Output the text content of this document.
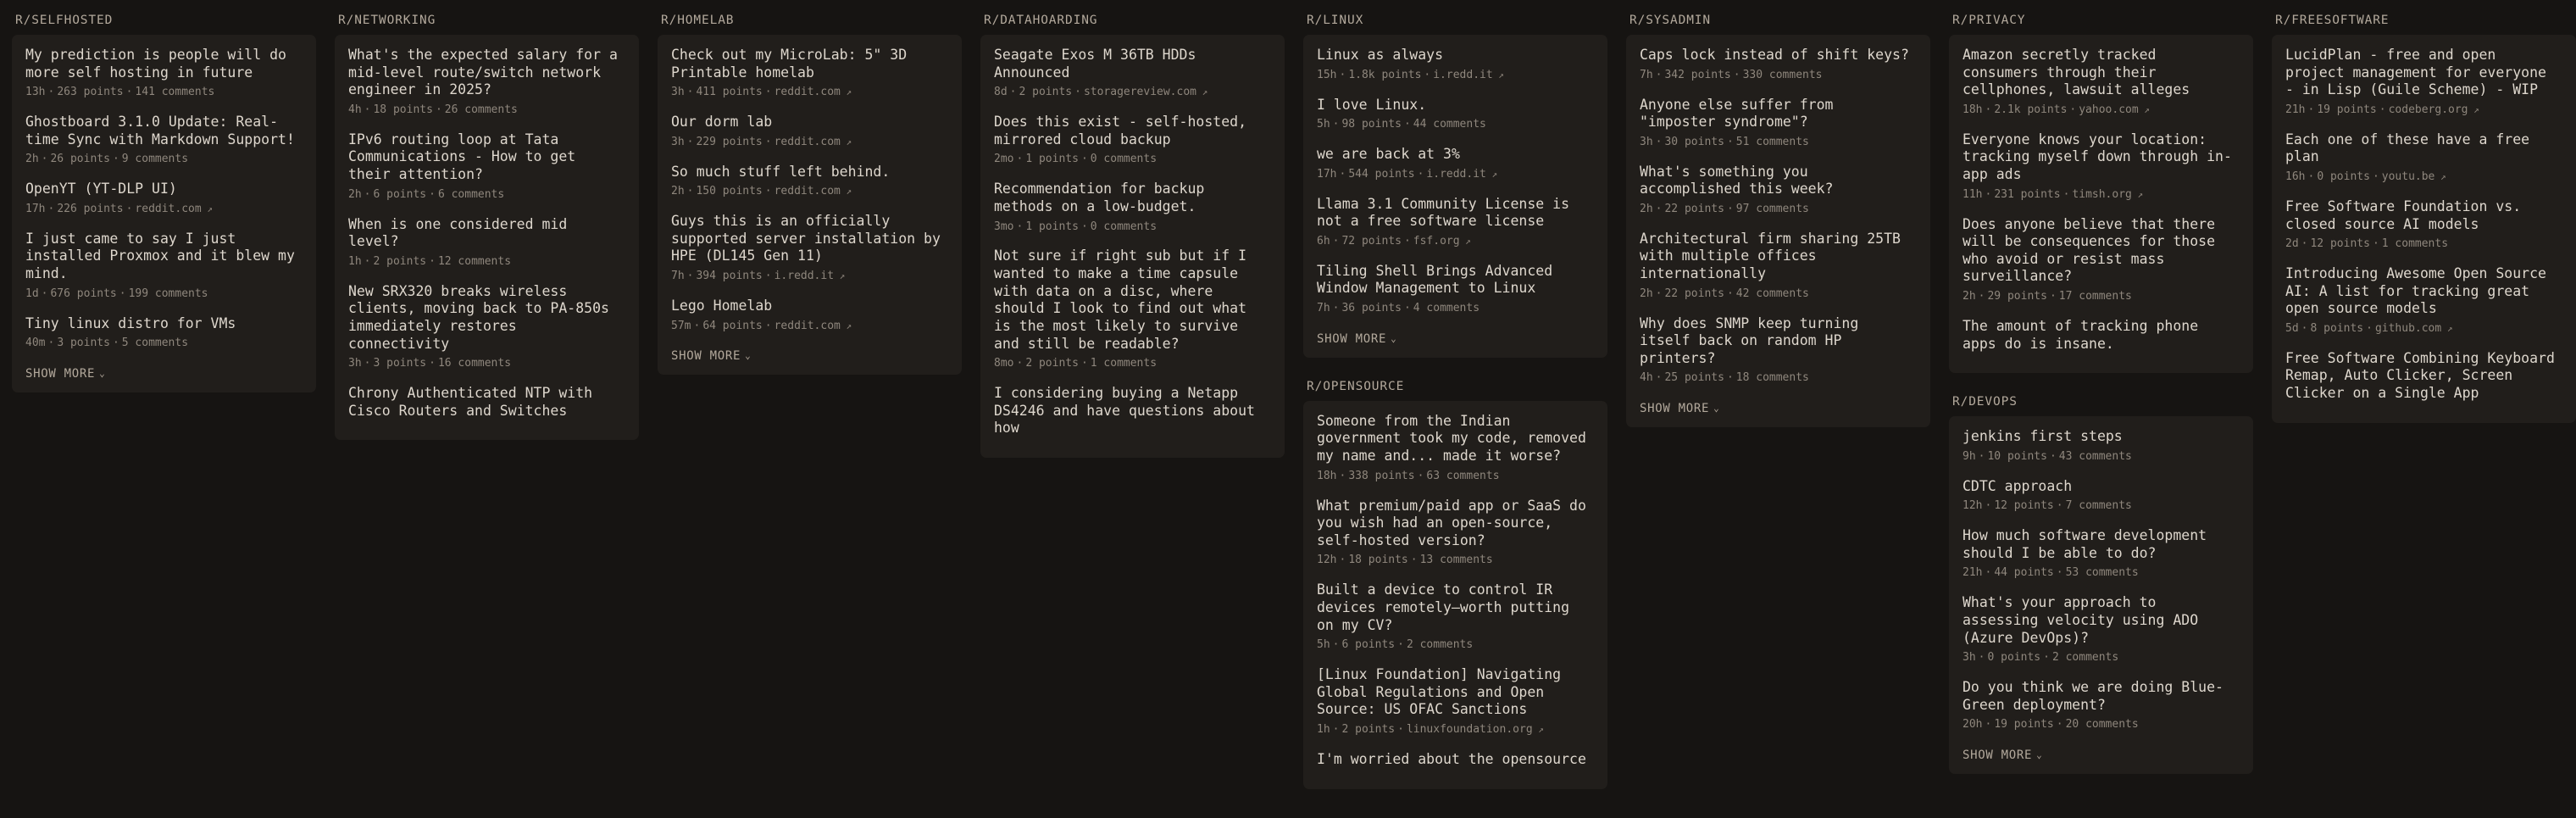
R/SELFHOSTED
My prediction is people will do more self hosting in future
13h · 263 points · 141 comments
Ghostboard 3.1.0 Update: Real-time Sync with Markdown Support!
2h · 26 points · 9 comments
OpenYT (YT-DLP UI)
17h · 226 points · reddit.com ↗
I just came to say I just installed Proxmox and it blew my mind.
1d · 676 points · 199 comments
Tiny linux distro for VMs
40m · 3 points · 5 comments
SHOW MORE ⌄
R/NETWORKING
What's the expected salary for a mid-level route/switch network engineer in 2025?
4h · 18 points · 26 comments
IPv6 routing loop at Tata Communications - How to get their attention?
2h · 6 points · 6 comments
When is one considered mid level?
1h · 2 points · 12 comments
New SRX320 breaks wireless clients, moving back to PA-850s immediately restores connectivity
3h · 3 points · 16 comments
Chrony Authenticated NTP with Cisco Routers and Switches
R/HOMELAB
Check out my MicroLab: 5" 3D Printable homelab
3h · 411 points · reddit.com ↗
Our dorm lab
3h · 229 points · reddit.com ↗
So much stuff left behind.
2h · 150 points · reddit.com ↗
Guys this is an officially supported server installation by HPE (DL145 Gen 11)
7h · 394 points · i.redd.it ↗
Lego Homelab
57m · 64 points · reddit.com ↗
SHOW MORE ⌄
R/DATAHOARDING
Seagate Exos M 36TB HDDs Announced
8d · 2 points · storagereview.com ↗
Does this exist - self-hosted, mirrored cloud backup
2mo · 1 points · 0 comments
Recommendation for backup methods on a low-budget.
3mo · 1 points · 0 comments
Not sure if right sub but if I wanted to make a time capsule with data on a disc, where should I look to find out what is the most likely to survive and still be readable?
8mo · 2 points · 1 comments
I considering buying a Netapp DS4246 and have questions about how
R/LINUX
Linux as always
15h · 1.8k points · i.redd.it ↗
I love Linux.
5h · 98 points · 44 comments
we are back at 3%
17h · 544 points · i.redd.it ↗
Llama 3.1 Community License is not a free software license
6h · 72 points · fsf.org ↗
Tiling Shell Brings Advanced Window Management to Linux
7h · 36 points · 4 comments
SHOW MORE ⌄
R/OPENSOURCE
Someone from the Indian government took my code, removed my name and... made it worse?
18h · 338 points · 63 comments
What premium/paid app or SaaS do you wish had an open-source, self-hosted version?
12h · 18 points · 13 comments
Built a device to control IR devices remotely—worth putting on my CV?
5h · 6 points · 2 comments
[Linux Foundation] Navigating Global Regulations and Open Source: US OFAC Sanctions
1h · 2 points · linuxfoundation.org ↗
I'm worried about the opensource
R/SYSADMIN
Caps lock instead of shift keys?
7h · 342 points · 330 comments
Anyone else suffer from "imposter syndrome"?
3h · 30 points · 51 comments
What's something you accomplished this week?
2h · 22 points · 97 comments
Architectural firm sharing 25TB with multiple offices internationally
2h · 22 points · 42 comments
Why does SNMP keep turning itself back on random HP printers?
4h · 25 points · 18 comments
SHOW MORE ⌄
R/PRIVACY
Amazon secretly tracked consumers through their cellphones, lawsuit alleges
18h · 2.1k points · yahoo.com ↗
Everyone knows your location: tracking myself down through in-app ads
11h · 231 points · timsh.org ↗
Does anyone believe that there will be consequences for those who avoid or resist mass surveillance?
2h · 29 points · 17 comments
The amount of tracking phone apps do is insane.
R/DEVOPS
jenkins first steps
9h · 10 points · 43 comments
CDTC approach
12h · 12 points · 7 comments
How much software development should I be able to do?
21h · 44 points · 53 comments
What's your approach to assessing velocity using ADO (Azure DevOps)?
3h · 0 points · 2 comments
Do you think we are doing Blue-Green deployment?
20h · 19 points · 20 comments
SHOW MORE ⌄
R/FREESOFTWARE
LucidPlan - free and open project management for everyone - in Lisp (Guile Scheme) - WIP
21h · 19 points · codeberg.org ↗
Each one of these have a free plan
16h · 0 points · youtu.be ↗
Free Software Foundation vs. closed source AI models
2d · 12 points · 1 comments
Introducing Awesome Open Source AI: A list for tracking great open source models
5d · 8 points · github.com ↗
Free Software Combining Keyboard Remap, Auto Clicker, Screen Clicker on a Single App
